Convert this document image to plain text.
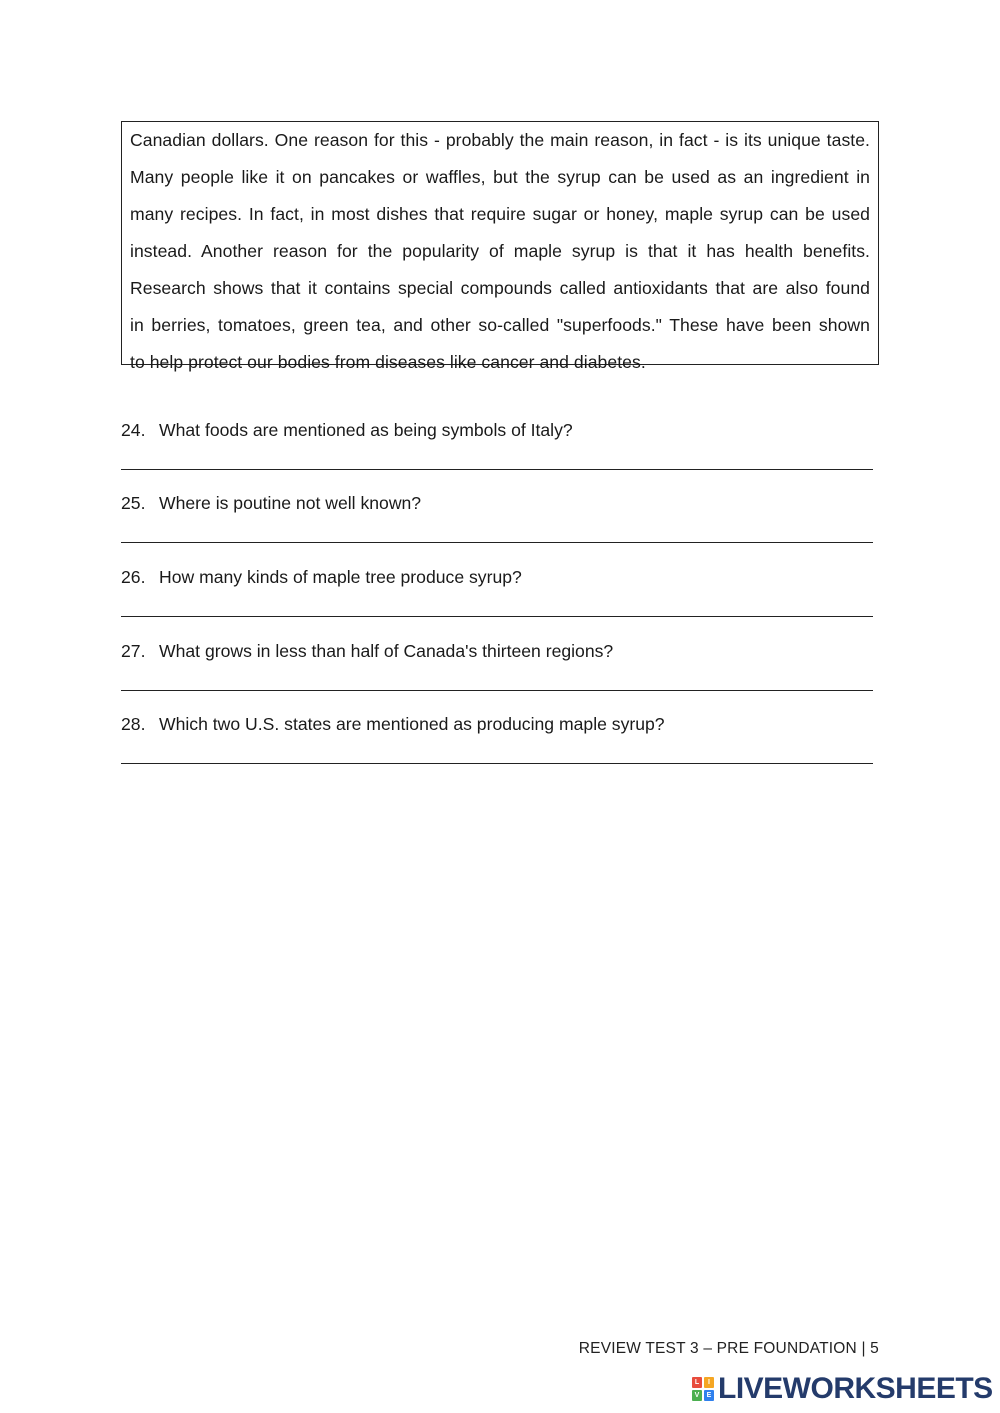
Canadian dollars. One reason for this - probably the main reason, in fact - is its unique taste.
Many people like it on pancakes or waffles, but the syrup can be used as an ingredient in
many recipes. In fact, in most dishes that require sugar or honey, maple syrup can be used
instead. Another reason for the popularity of maple syrup is that it has health benefits.
Research shows that it contains special compounds called antioxidants that are also found
in berries, tomatoes, green tea, and other so-called "superfoods." These have been shown
to help protect our bodies from diseases like cancer and diabetes.

24. What foods are mentioned as being symbols of Italy?
25. Where is poutine not well known?
26. How many kinds of maple tree produce syrup?
27. What grows in less than half of Canada's thirteen regions?
28. Which two U.S. states are mentioned as producing maple syrup?
REVIEW TEST 3 – PRE FOUNDATION | 5
L	I
V	E LIVEWORKSHEETS
